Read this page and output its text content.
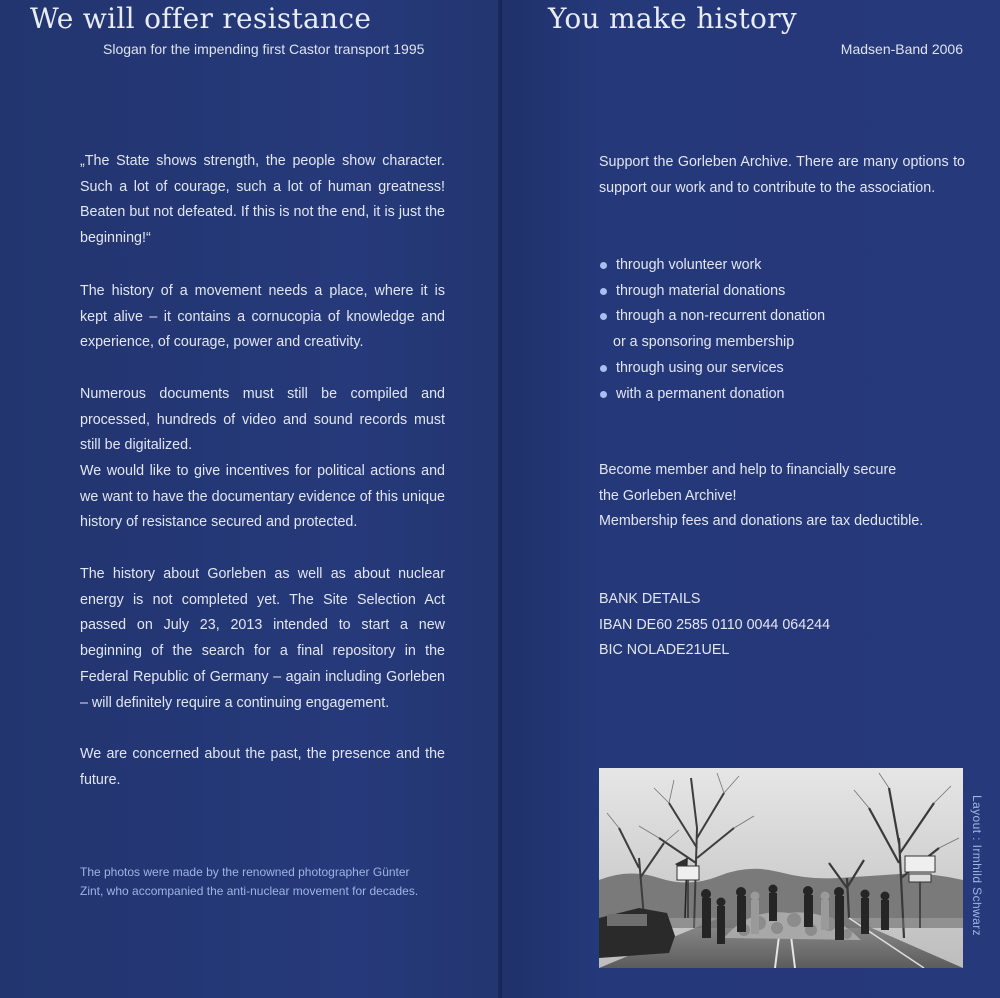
We will offer resistance
Slogan for the impending first Castor transport 1995

„The State shows strength, the people show character. Such a lot of courage, such a lot of human greatness! Beaten but not defeated. If this is not the end, it is just the beginning!“

The history of a movement needs a place, where it is kept alive – it contains a cornucopia of knowledge and experience, of courage, power and creativity.

Numerous documents must still be compiled and processed, hundreds of video and sound records must still be digitalized.

We would like to give incentives for political actions and we want to have the documentary evidence of this unique history of resistance secured and protected.

The history about Gorleben as well as about nuclear energy is not completed yet. The Site Selection Act passed on July 23, 2013 intended to start a new beginning of the search for a final repository in the Federal Republic of Germany – again including Gorleben – will definitely require a continuing engagement.

We are concerned about the past, the presence and the future.

The photos were made by the renowned photographer Günter Zint, who accompanied the anti-nuclear movement for decades.

You make history
Madsen-Band 2006

Support the Gorleben Archive. There are many options to support our work and to contribute to the association.

through volunteer work
through material donations
through a non-recurrent donation
or a sponsoring membership
through using our services
with a permanent donation
Become member and help to financially secure
the Gorleben Archive!
Membership fees and donations are tax deductible.
BANK DETAILS
IBAN DE60 2585 0110 0044 064244
BIC NOLADE21UEL
Layout : Irmhild Schwarz
